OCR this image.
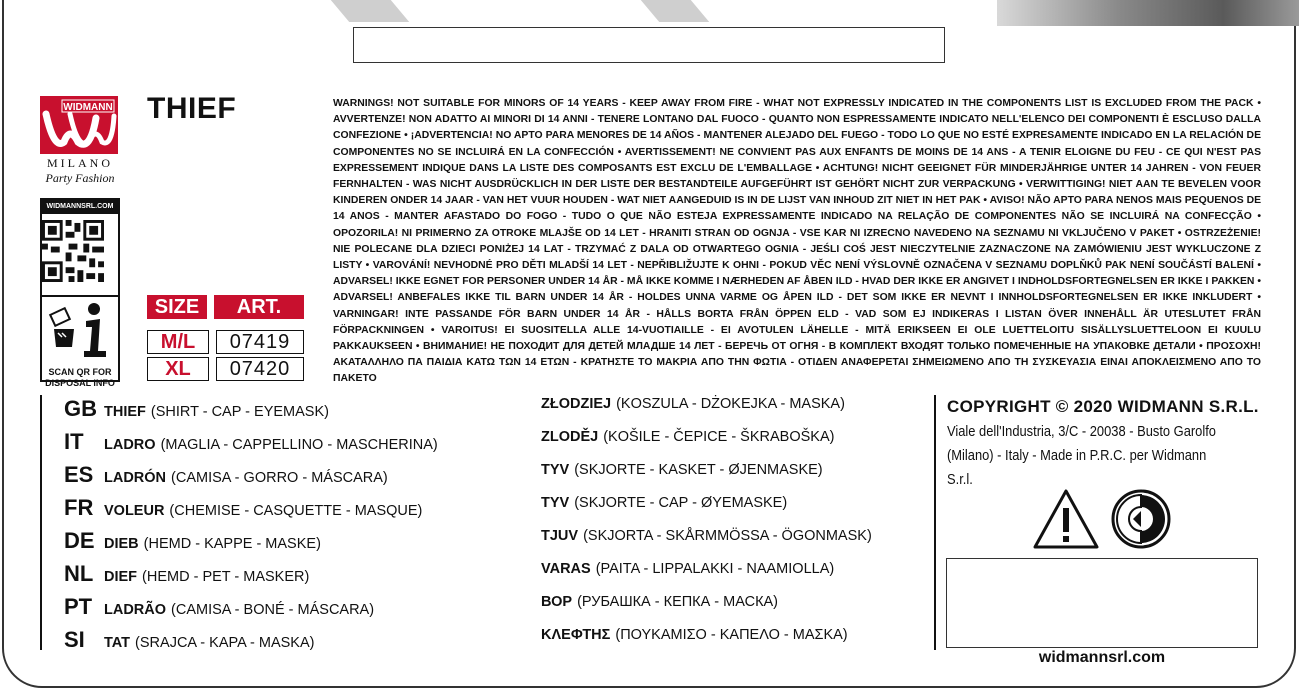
WIDMANN
MILANO
Party Fashion
THIEF
WIDMANNSRL.COM
SCAN QR FOR
DISPOSAL INFO
SIZE	ART.
M/L	07419
XL	07420
WARNINGS! NOT SUITABLE FOR MINORS OF 14 YEARS - KEEP AWAY FROM FIRE - WHAT NOT EXPRESSLY INDICATED IN THE COMPONENTS LIST IS EXCLUDED FROM THE PACK • AVVERTENZE! NON ADATTO AI MINORI DI 14 ANNI - TENERE LONTANO DAL FUOCO - QUANTO NON ESPRESSAMENTE INDICATO NELL'ELENCO DEI COMPONENTI È ESCLUSO DALLA CONFEZIONE • ¡ADVERTENCIA! NO APTO PARA MENORES DE 14 AÑOS - MANTENER ALEJADO DEL FUEGO - TODO LO QUE NO ESTÉ EXPRESAMENTE INDICADO EN LA RELACIÓN DE COMPONENTES NO SE INCLUIRÁ EN LA CONFECCIÓN • AVERTISSEMENT! NE CONVIENT PAS AUX ENFANTS DE MOINS DE 14 ANS - A TENIR ELOIGNE DU FEU - CE QUI N'EST PAS EXPRESSEMENT INDIQUE DANS LA LISTE DES COMPOSANTS EST EXCLU DE L'EMBALLAGE • ACHTUNG! NICHT GEEIGNET FÜR MINDERJÄHRIGE UNTER 14 JAHREN - VON FEUER FERNHALTEN - WAS NICHT AUSDRÜCKLICH IN DER LISTE DER BESTANDTEILE AUFGEFÜHRT IST GEHÖRT NICHT ZUR VERPACKUNG • VERWITTIGING! NIET AAN TE BEVELEN VOOR KINDEREN ONDER 14 JAAR - VAN HET VUUR HOUDEN - WAT NIET AANGEDUID IS IN DE LIJST VAN INHOUD ZIT NIET IN HET PAK • AVISO! NÃO APTO PARA NENOS MAIS PEQUENOS DE 14 ANOS - MANTER AFASTADO DO FOGO - TUDO O QUE NÃO ESTEJA EXPRESSAMENTE INDICADO NA RELAÇÃO DE COMPONENTES NÃO SE INCLUIRÁ NA CONFECÇÃO • OPOZORILA! NI PRIMERNO ZA OTROKE MLAJŠE OD 14 LET - HRANITI STRAN OD OGNJA - VSE KAR NI IZRECNO NAVEDENO NA SEZNAMU NI VKLJUČENO V PAKET • OSTRZEŻENIE! NIE POLECANE DLA DZIECI PONIŻEJ 14 LAT - TRZYMAĆ Z DALA OD OTWARTEGO OGNIA - JEŚLI COŚ JEST NIECZYTELNIE ZAZNACZONE NA ZAMÓWIENIU JEST WYKLUCZONE Z LISTY • VAROVÁNÍ! NEVHODNÉ PRO DĚTI MLADŠÍ 14 LET - NEPŘIBLIŽUJTE K OHNI - POKUD VĚC NENÍ VÝSLOVNĚ OZNAČENA V SEZNAMU DOPLŇKŮ PAK NENÍ SOUČÁSTÍ BALENÍ • ADVARSEL! IKKE EGNET FOR PERSONER UNDER 14 ÅR - MÅ IKKE KOMME I NÆRHEDEN AF ÅBEN ILD - HVAD DER IKKE ER ANGIVET I INDHOLDSFORTEGNELSEN ER IKKE I PAKKEN • ADVARSEL! ANBEFALES IKKE TIL BARN UNDER 14 ÅR - HOLDES UNNA VARME OG ÅPEN ILD - DET SOM IKKE ER NEVNT I INNHOLDSFORTEGNELSEN ER IKKE INKLUDERT • VARNINGAR! INTE PASSANDE FÖR BARN UNDER 14 ÅR - HÅLLS BORTA FRÅN ÖPPEN ELD - VAD SOM EJ INDIKERAS I LISTAN ÖVER INNEHÅLL ÄR UTESLUTET FRÅN FÖRPACKNINGEN • VAROITUS! EI SUOSITELLA ALLE 14-VUOTIAILLE - EI AVOTULEN LÄHELLE - MITÄ ERIKSEEN EI OLE LUETTELOITU SISÄLLYSLUETTELOON EI KUULU PAKKAUKSEEN • ВНИМАНИЕ! НЕ ПОХОДИТ ДЛЯ ДЕТЕЙ МЛАДШЕ 14 ЛЕТ - БЕРЕЧЬ ОТ ОГНЯ - В КОМПЛЕКТ ВХОДЯТ ТОЛЬКО ПОМЕЧЕННЫЕ НА УПАКОВКЕ ДЕТАЛИ • ΠΡΟΣΟΧΗ! ΑΚΑΤΑΛΛΗΛΟ ΠΑ ΠΑΙΔΙΑ ΚΑΤΩ ΤΩΝ 14 ΕΤΩΝ - ΚΡΑΤΗΣΤΕ ΤΟ ΜΑΚΡΙΑ ΑΠΟ ΤΗΝ ΦΩΤΙΑ - ΟΤΙΔΕΝ ΑΝΑΦΕΡΕΤΑΙ ΣΗΜΕΙΩΜΕΝΟ ΑΠΟ ΤΗ ΣΥΣΚΕΥΑΣΙΑ ΕΙΝΑΙ ΑΠΟΚΛΕΙΣΜΕΝΟ ΑΠΟ ΤΟ ΠΑΚΕΤΟ
GB THIEF (SHIRT - CAP - EYEMASK)
IT	LADRO (MAGLIA - CAPPELLINO - MASCHERINA)
ES LADRÓN (CAMISA - GORRO - MÁSCARA)
FR VOLEUR (CHEMISE - CASQUETTE - MASQUE)
DE DIEB (HEMD - KAPPE - MASKE)
NL DIEF (HEMD - PET - MASKER)
PT LADRÃO (CAMISA - BONÉ - MÁSCARA)
SI	TAT (SRAJCA - KAPA - MASKA)
ZŁODZIEJ (KOSZULA - DŻOKEJKA - MASKA)
ZLODĚJ (KOŠILE - ČEPICE - ŠKRABOŠKA)
TYV (SKJORTE - KASKET - ØJENMASKE)
TYV (SKJORTE - CAP - ØYEMASKE)
TJUV (SKJORTA - SKÅRMMÖSSA - ÖGONMASK)
VARAS (PAITA - LIPPALAKKI - NAAMIOLLA)
ВОР (РУБАШКА - КЕПКА - МАСКА)
ΚΛΕΦΤΗΣ (ΠΟΥΚΑΜΙΣΟ - ΚΑΠΕΛΟ - ΜΑΣΚΑ)
COPYRIGHT © 2020 WIDMANN S.R.L.
Viale dell'Industria, 3/C - 20038 - Busto Garolfo (Milano) - Italy - Made in P.R.C. per Widmann S.r.l.
widmannsrl.com
